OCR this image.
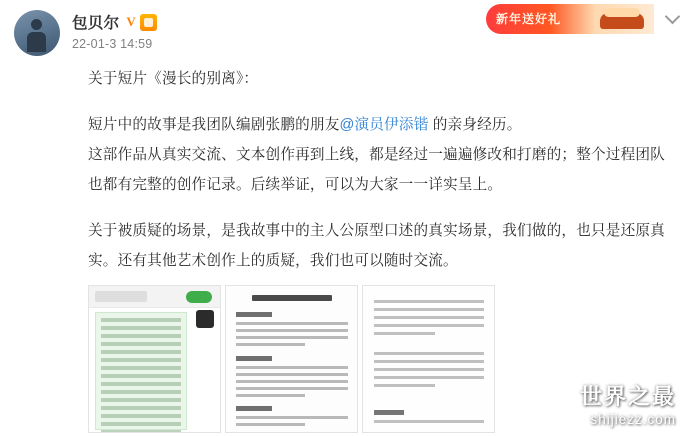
包贝尔 V
22-01-3 14:59
新年送好礼

关于短片《漫长的别离》：

短片中的故事是我团队编剧张鹏的朋友@演员伊添锴 的亲身经历。

这部作品从真实交流、文本创作再到上线，都是经过一遍遍修改和打磨的；整个过程团队也都有完整的创作记录。后续举证，可以为大家一一详实呈上。

关于被质疑的场景，是我故事中的主人公原型口述的真实场景，我们做的，也只是还原真实。还有其他艺术创作上的质疑，我们也可以随时交流。

世界之最
shijiezz.com
